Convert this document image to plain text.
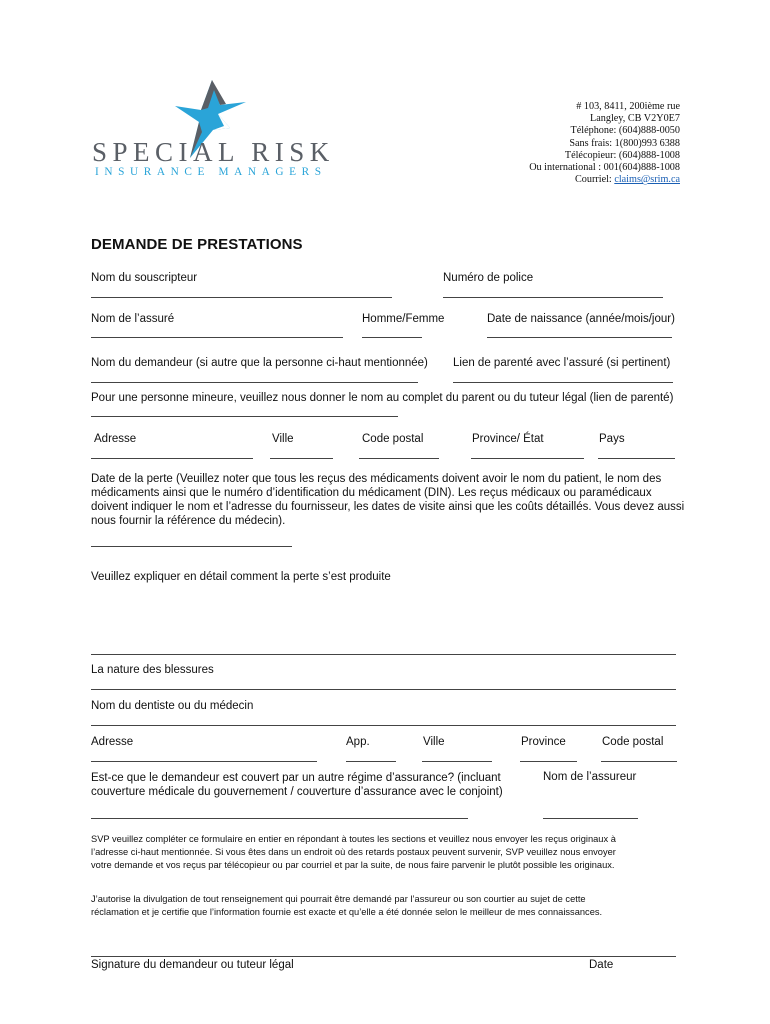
SPECIAL RISK
INSURANCE MANAGERS
# 103, 8411, 200ième rue
Langley, CB V2Y0E7
Téléphone: (604)888-0050
Sans frais: 1(800)993 6388
Télécopieur: (604)888-1008
Ou international : 001(604)888-1008
Courriel: claims@srim.ca
DEMANDE DE PRESTATIONS
Nom du souscripteur	Numéro de police
Nom de l’assuré	Homme/Femme	Date de naissance (année/mois/jour)
Nom du demandeur (si autre que la personne ci-haut mentionnée) Lien de parenté avec l’assuré (si pertinent)
Pour une personne mineure, veuillez nous donner le nom au complet du parent ou du tuteur légal (lien de parenté)
Adresse	Ville	Code postal	Province/ État	Pays
Date de la perte (Veuillez noter que tous les reçus des médicaments doivent avoir le nom du patient, le nom des
médicaments ainsi que le numéro d’identification du médicament (DIN). Les reçus médicaux ou paramédicaux
doivent indiquer le nom et l’adresse du fournisseur, les dates de visite ainsi que les coûts détaillés. Vous devez aussi
nous fournir la référence du médecin).
Veuillez expliquer en détail comment la perte s’est produite
La nature des blessures
Nom du dentiste ou du médecin
Adresse	App.	Ville	Province	Code postal
Est-ce que le demandeur est couvert par un autre régime d’assurance? (incluant
couverture médicale du gouvernement / couverture d’assurance avec le conjoint)
Nom de l’assureur
SVP veuillez compléter ce formulaire en entier en répondant à toutes les sections et veuillez nous envoyer les reçus originaux à
l’adresse ci-haut mentionnée. Si vous êtes dans un endroit où des retards postaux peuvent survenir, SVP veuillez nous envoyer
votre demande et vos reçus par télécopieur ou par courriel et par la suite, de nous faire parvenir le plutôt possible les originaux.
J’autorise la divulgation de tout renseignement qui pourrait être demandé par l’assureur ou son courtier au sujet de cette
réclamation et je certifie que l’information fournie est exacte et qu’elle a été donnée selon le meilleur de mes connaissances.
Signature du demandeur ou tuteur légal	Date
